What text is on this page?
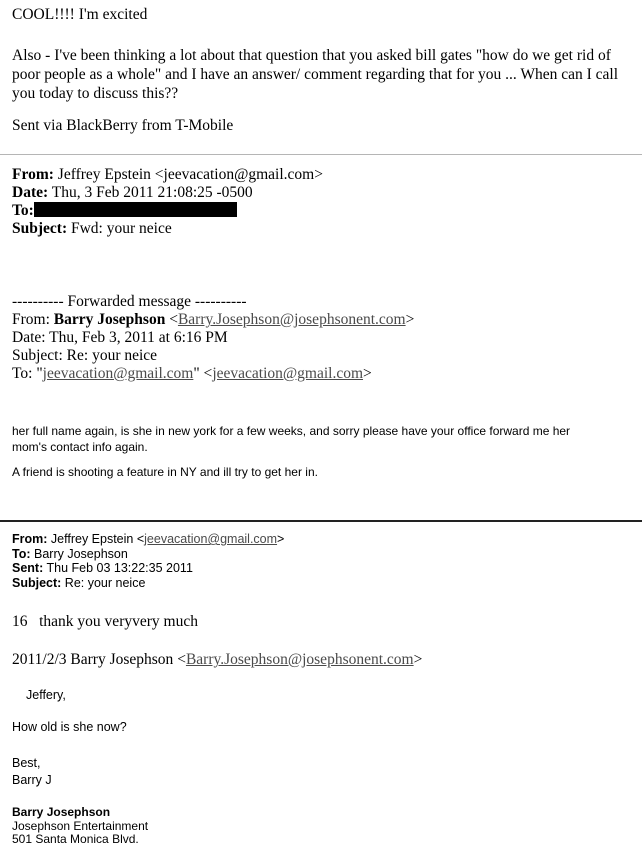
COOL!!!! I'm excited
Also - I've been thinking a lot about that question that you asked bill gates "how do we get rid of
poor people as a whole" and I have an answer/ comment regarding that for you ... When can I call
you today to discuss this??
Sent via BlackBerry from T-Mobile
From: Jeffrey Epstein <jeevacation@gmail.com>
Date: Thu, 3 Feb 2011 21:08:25 -0500
To:
Subject: Fwd: your neice
---------- Forwarded message ----------
From: Barry Josephson <Barry.Josephson@josephsonent.com>
Date: Thu, Feb 3, 2011 at 6:16 PM
Subject: Re: your neice
To: "jeevacation@gmail.com" <jeevacation@gmail.com>
her full name again, is she in new york for a few weeks, and sorry please have your office forward me her
mom's contact info again.
A friend is shooting a feature in NY and ill try to get her in.
From: Jeffrey Epstein <jeevacation@gmail.com>
To: Barry Josephson
Sent: Thu Feb 03 13:22:35 2011
Subject: Re: your neice
16   thank you veryvery much
2011/2/3 Barry Josephson <Barry.Josephson@josephsonent.com>
Jeffery,
How old is she now?
Best,
Barry J
Barry Josephson
Josephson Entertainment
501 Santa Monica Blvd.
